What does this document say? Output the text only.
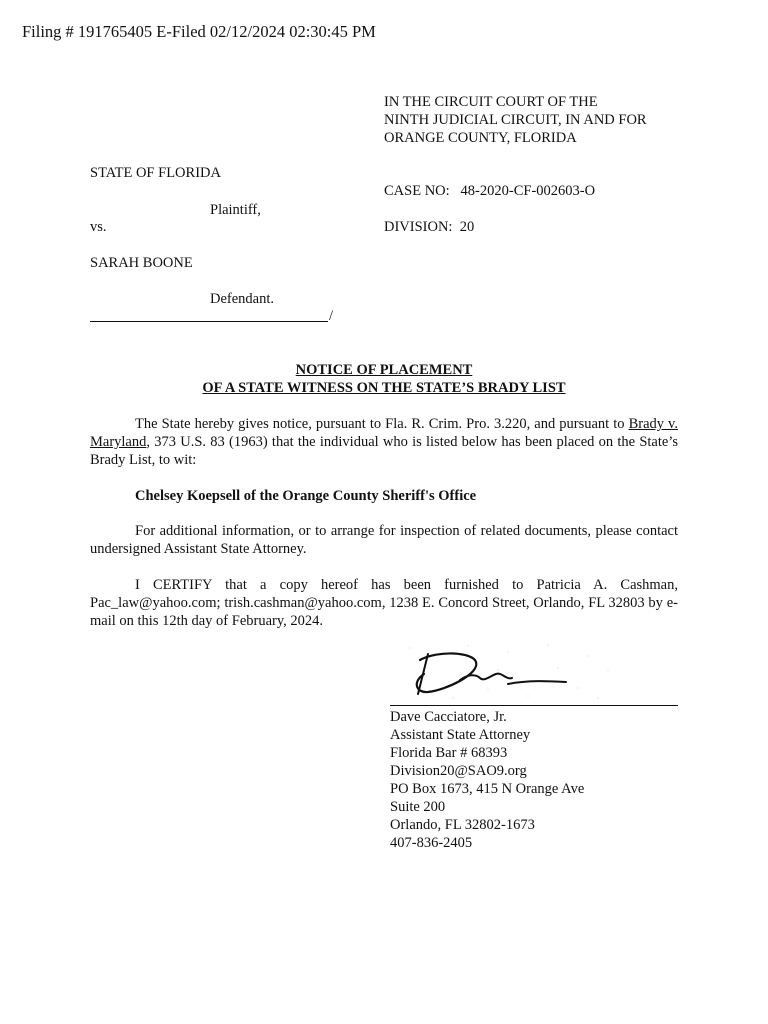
Filing # 191765405 E-Filed 02/12/2024 02:30:45 PM
IN THE CIRCUIT COURT OF THE
NINTH JUDICIAL CIRCUIT, IN AND FOR
ORANGE COUNTY, FLORIDA
STATE OF FLORIDA
Plaintiff,
vs.
SARAH BOONE
Defendant.
/
CASE NO: 48-2020-CF-002603-O
DIVISION: 20
NOTICE OF PLACEMENT
OF A STATE WITNESS ON THE STATE’S BRADY LIST
The State hereby gives notice, pursuant to Fla. R. Crim. Pro. 3.220, and pursuant to Brady v. Maryland, 373 U.S. 83 (1963) that the individual who is listed below has been placed on the State’s Brady List, to wit:
Chelsey Koepsell of the Orange County Sheriff's Office
For additional information, or to arrange for inspection of related documents, please contact undersigned Assistant State Attorney.
I CERTIFY that a copy hereof has been furnished to Patricia A. Cashman, Pac_law@yahoo.com; trish.cashman@yahoo.com, 1238 E. Concord Street, Orlando, FL 32803 by e-mail on this 12th day of February, 2024.
Dave Cacciatore, Jr.
Assistant State Attorney
Florida Bar # 68393
Division20@SAO9.org
PO Box 1673, 415 N Orange Ave
Suite 200
Orlando, FL 32802-1673
407-836-2405
